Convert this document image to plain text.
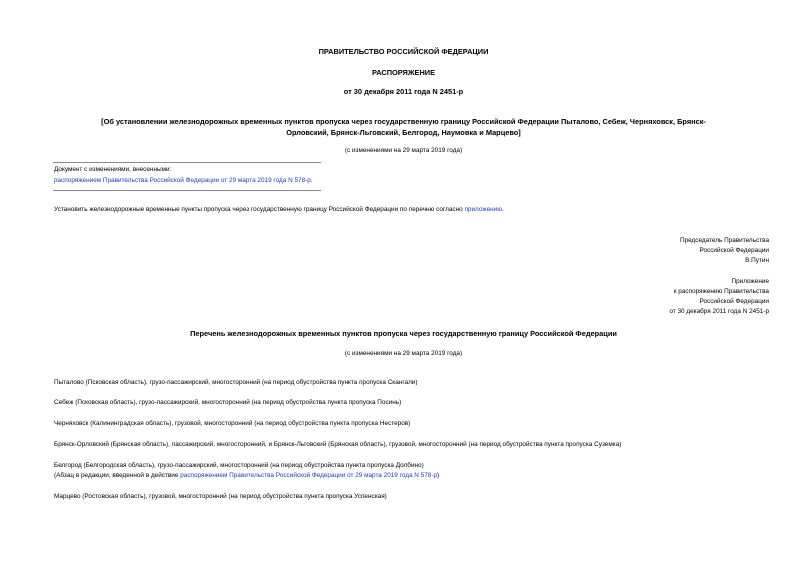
ПРАВИТЕЛЬСТВО РОССИЙСКОЙ ФЕДЕРАЦИИ
РАСПОРЯЖЕНИЕ
от 30 декабря 2011 года N 2451-р
[Об установлении железнодорожных временных пунктов пропуска через государственную границу Российской Федерации Пыталово, Себеж, Черняховск, Брянск-
Орловский, Брянск-Льговский, Белгород, Наумовка и Марцево]
(с изменениями на 29 марта 2019 года)
Документ с изменениями, внесенными:
распоряжением Правительства Российской Федерации от 29 марта 2019 года N 578-р.
Установить железнодорожные временные пункты пропуска через государственную границу Российской Федерации по перечню согласно приложению.
Председатель Правительства
Российской Федерации
В.Путин
Приложение
к распоряжению Правительства
Российской Федерации
от 30 декабря 2011 года N 2451-р
Перечень железнодорожных временных пунктов пропуска через государственную границу Российской Федерации
(с изменениями на 29 марта 2019 года)
Пыталово (Псковская область), грузо-пассажирский, многосторонний (на период обустройства пункта пропуска Скангали)
Себеж (Псковская область), грузо-пассажирский, многосторонний (на период обустройства пункта пропуска Посинь)
Черняховск (Калининградская область), грузовой, многосторонний (на период обустройства пункта пропуска Нестеров)
Брянск-Орловский (Брянская область), пассажирский, многосторонний, и Брянск-Льговский (Брянская область), грузовой, многосторонний (на период обустройства пункта пропуска Суземка)
Белгород (Белгородская область), грузо-пассажирский, многосторонний (на период обустройства пункта пропуска Долбино)
(Абзац в редакции, введенной в действие распоряжением Правительства Российской Федерации от 29 марта 2019 года N 578-р)
Марцево (Ростовская область), грузовой, многосторонний (на период обустройства пункта пропуска Успенская)
